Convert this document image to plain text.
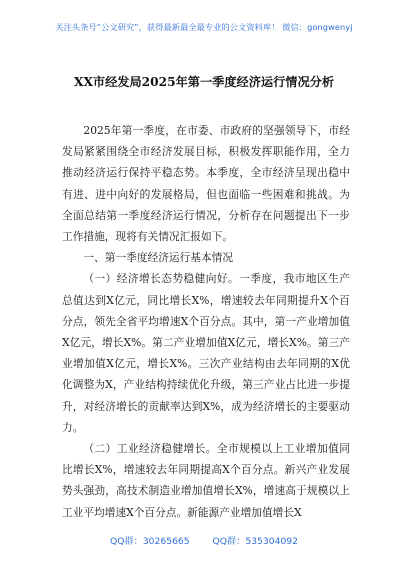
关注头条号“公文研究”，获得最新最全最专业的公文资料库！ 微信：gongwenyj
XX市经发局2025年第一季度经济运行情况分析

2025年第一季度，在市委、市政府的坚强领导下，市经发局紧紧围绕全市经济发展目标，积极发挥职能作用，全力推动经济运行保持平稳态势。本季度，全市经济呈现出稳中有进、进中向好的发展格局，但也面临一些困难和挑战。为全面总结第一季度经济运行情况，分析存在问题提出下一步工作措施，现将有关情况汇报如下。

一、第一季度经济运行基本情况

（一）经济增长态势稳健向好。一季度，我市地区生产总值达到X亿元，同比增长X%，增速较去年同期提升X个百分点，领先全省平均增速X个百分点。其中，第一产业增加值X亿元，增长X%。第二产业增加值X亿元，增长X%。第三产业增加值X亿元，增长X%。三次产业结构由去年同期的X优化调整为X，产业结构持续优化升级，第三产业占比进一步提升，对经济增长的贡献率达到X%，成为经济增长的主要驱动力。

（二）工业经济稳健增长。全市规模以上工业增加值同比增长X%，增速较去年同期提高X个百分点。新兴产业发展势头强劲，高技术制造业增加值增长X%，增速高于规模以上工业平均增速X个百分点。新能源产业增加值增长X

QQ群：30265665 QQ群：535304092
